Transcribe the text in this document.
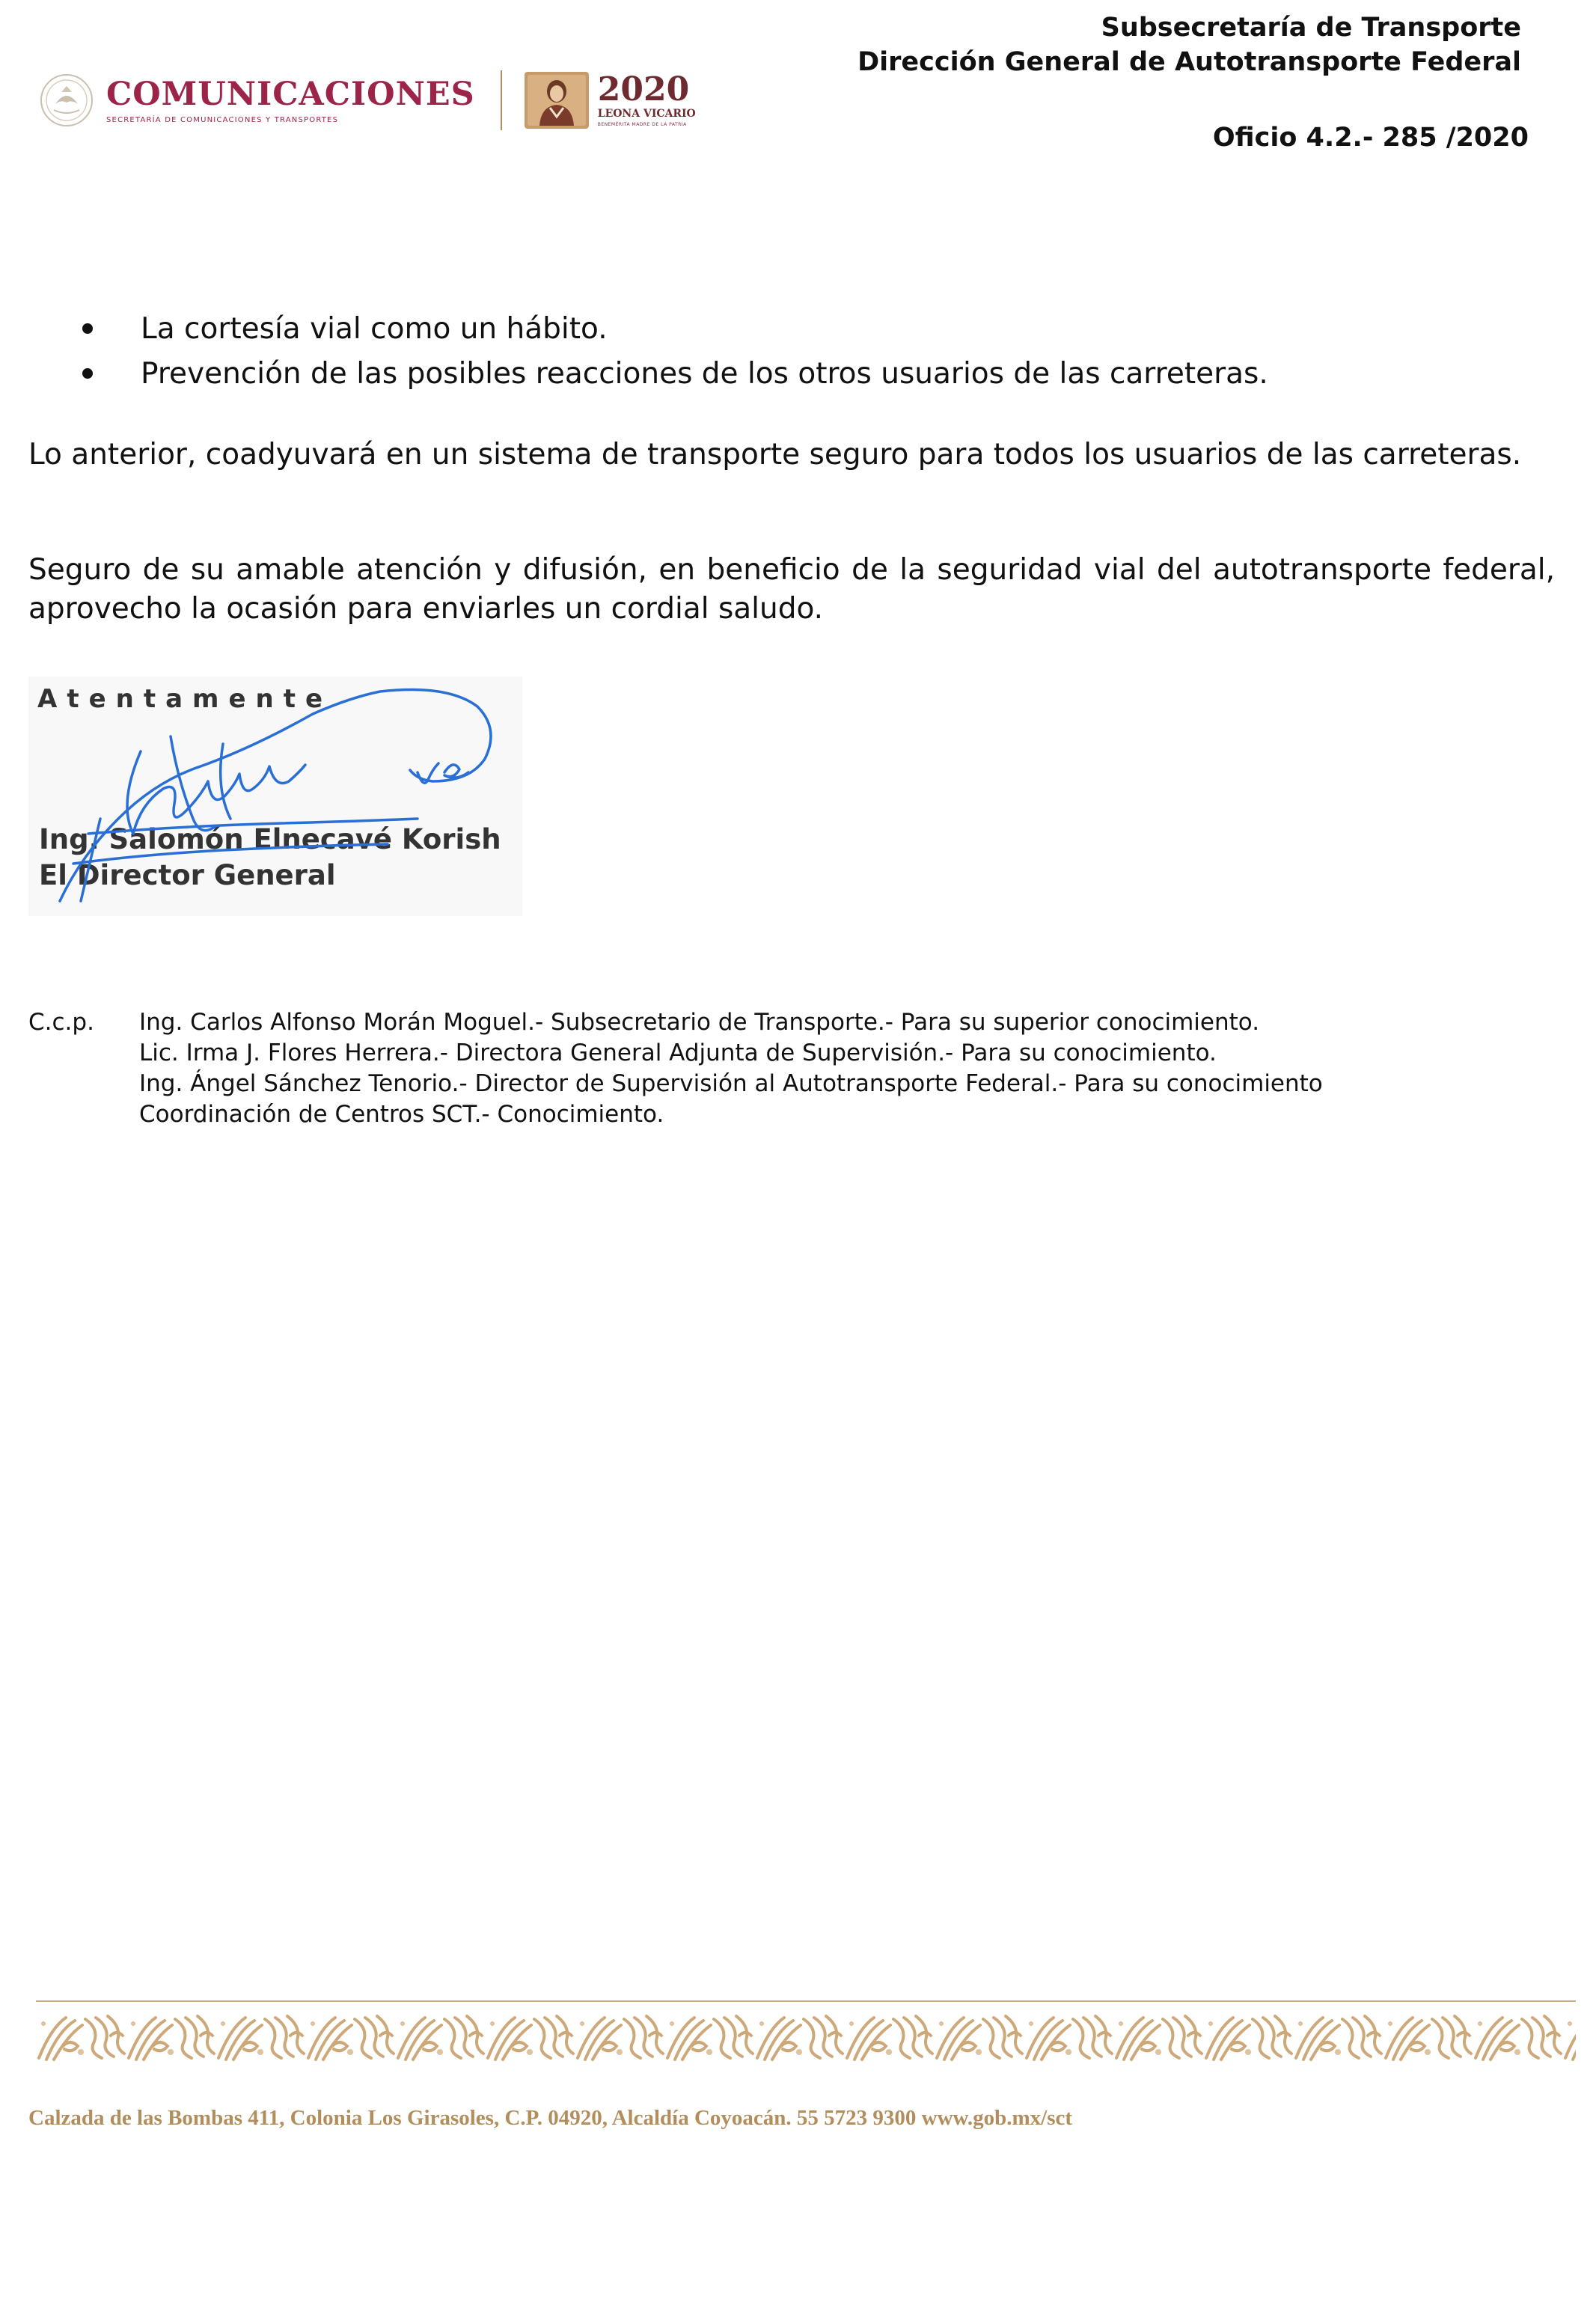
COMUNICACIONES
SECRETARÍA DE COMUNICACIONES Y TRANSPORTES
2020
LEONA VICARIO
BENEMÉRITA MADRE DE LA PATRIA
Subsecretaría de Transporte
Dirección General de Autotransporte Federal
Oficio 4.2.- 285 /2020
La cortesía vial como un hábito.
Prevención de las posibles reacciones de los otros usuarios de las carreteras.

Lo anterior, coadyuvará en un sistema de transporte seguro para todos los usuarios de las carreteras.

Seguro de su amable atención y difusión, en beneficio de la seguridad vial del autotransporte federal, aprovecho la ocasión para enviarles un cordial saludo.

Atentamente
Ing. Salomón Elnecavé Korish
El Director General
C.c.p. Ing. Carlos Alfonso Morán Moguel.- Subsecretario de Transporte.- Para su superior conocimiento.
Lic. Irma J. Flores Herrera.- Directora General Adjunta de Supervisión.- Para su conocimiento.
Ing. Ángel Sánchez Tenorio.- Director de Supervisión al Autotransporte Federal.- Para su conocimiento
Coordinación de Centros SCT.- Conocimiento.
Calzada de las Bombas 411, Colonia Los Girasoles, C.P. 04920, Alcaldía Coyoacán. 55 5723 9300 www.gob.mx/sct
